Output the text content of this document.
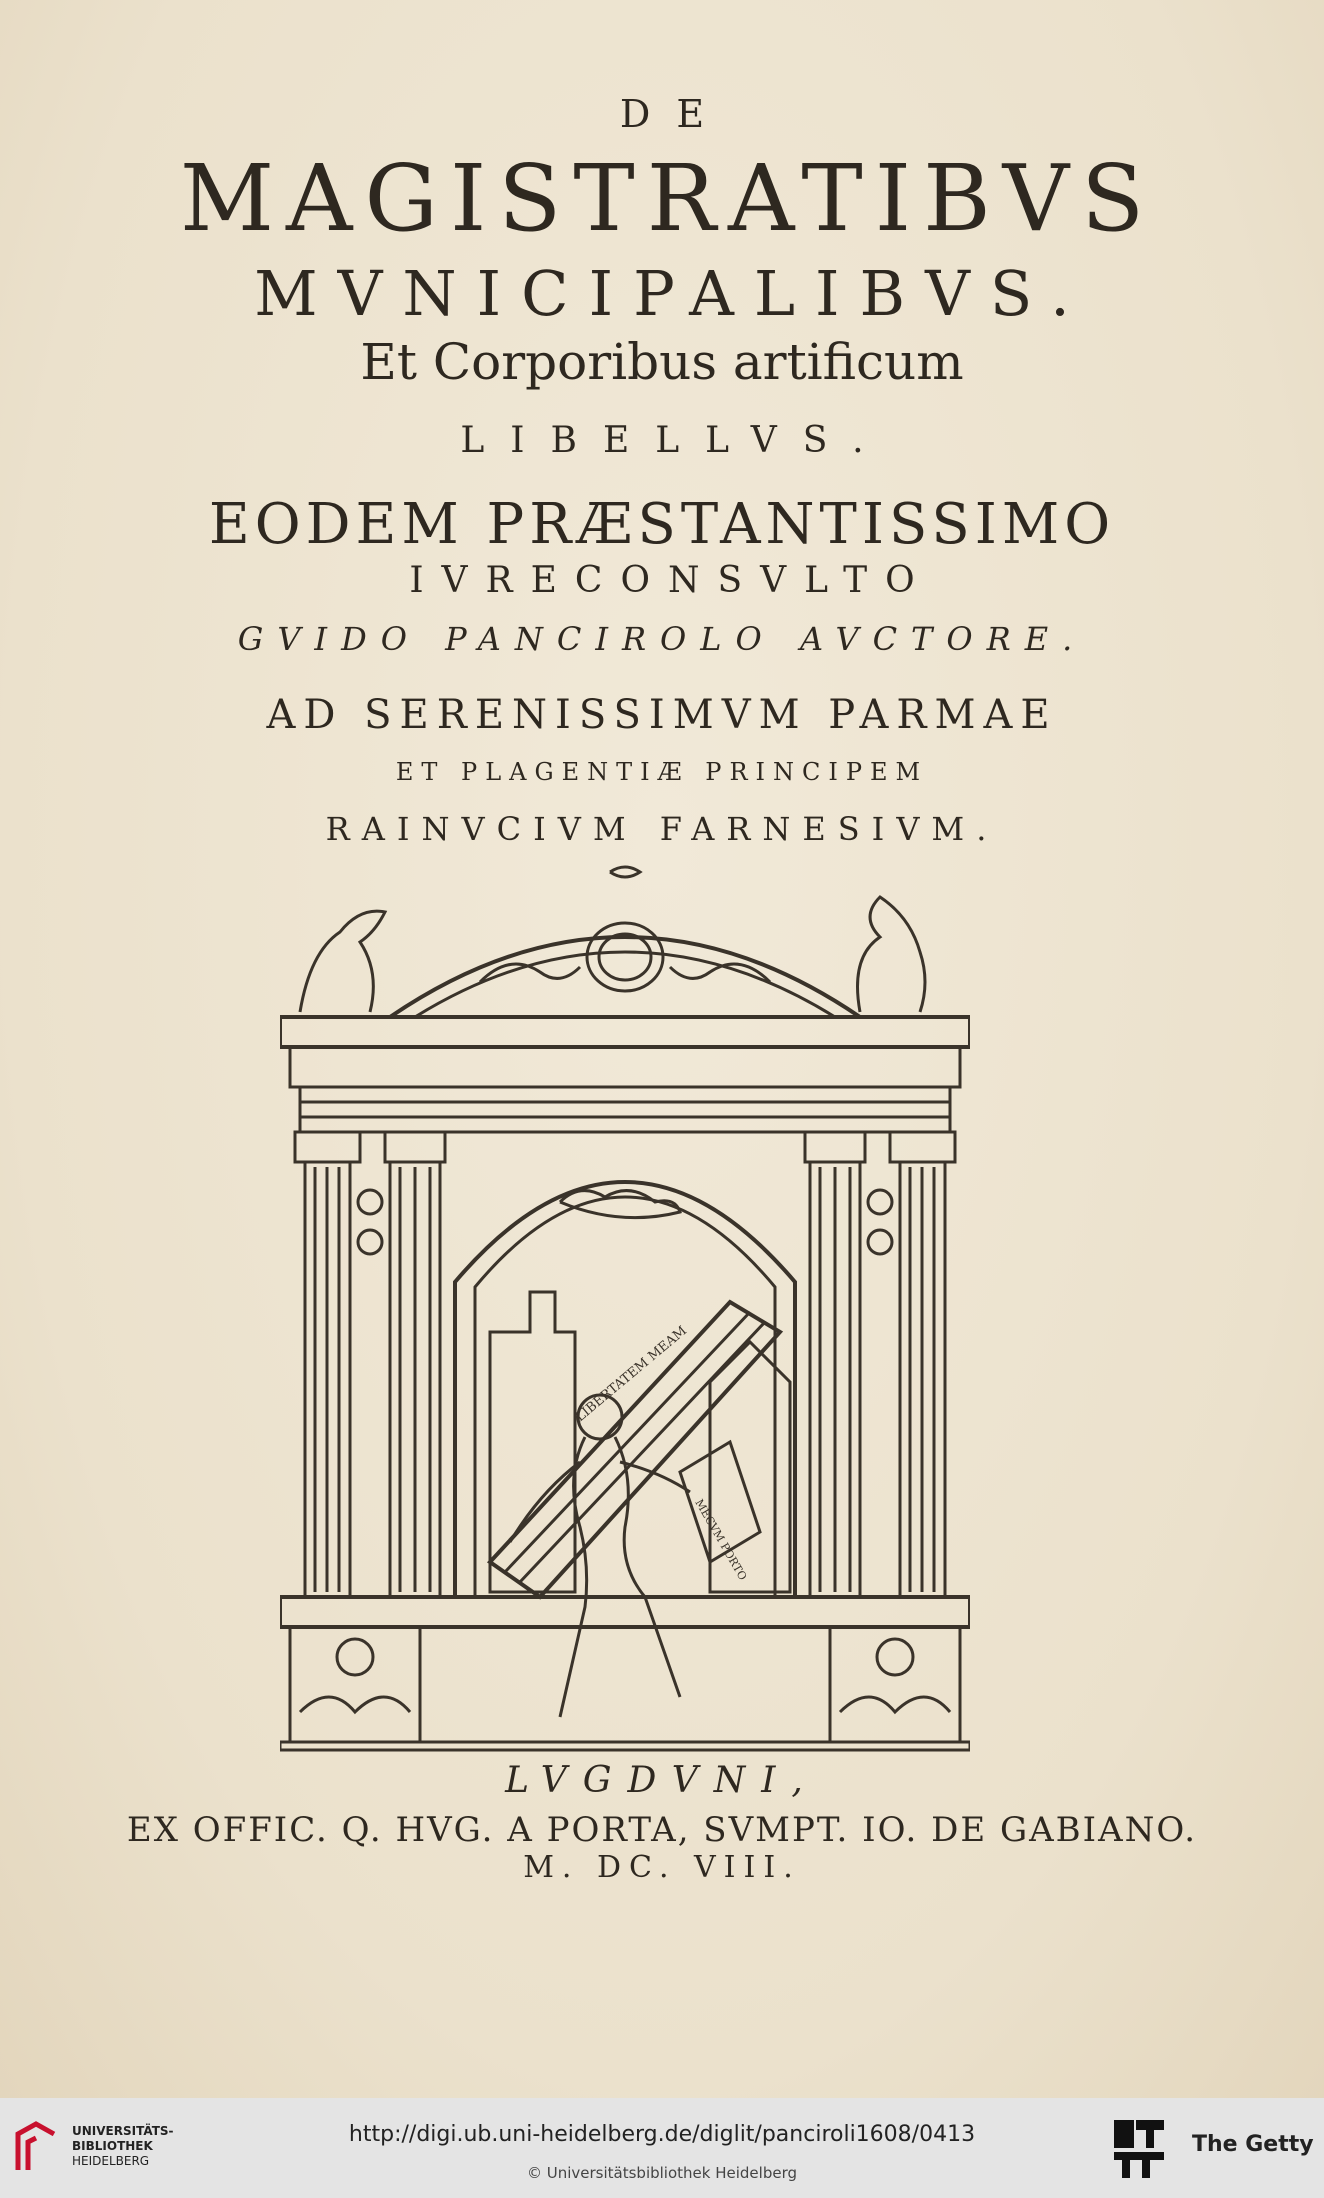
DE
MAGISTRATIBVS
MVNICIPALIBVS.
Et Corporibus artificum
LIBELLVS.
EODEM PRÆSTANTISSIMO
IVRECONSVLTO
GVIDO PANCIROLO AVCTORE.
AD SERENISSIMVM PARMAE
ET PLAGENTIÆ PRINCIPEM
RAINVCIVM FARNESIVM.
LIBERTATEM MEAM
MECVM PORTO
LVGDVNI,
EX OFFIC. Q. HVG. A PORTA, SVMPT. IO. DE GABIANO.
M. DC. VIII.
UNIVERSITÄTS-
BIBLIOTHEK
HEIDELBERG
http://digi.ub.uni-heidelberg.de/diglit/panciroli1608/0413
© Universitätsbibliothek Heidelberg
The Getty
